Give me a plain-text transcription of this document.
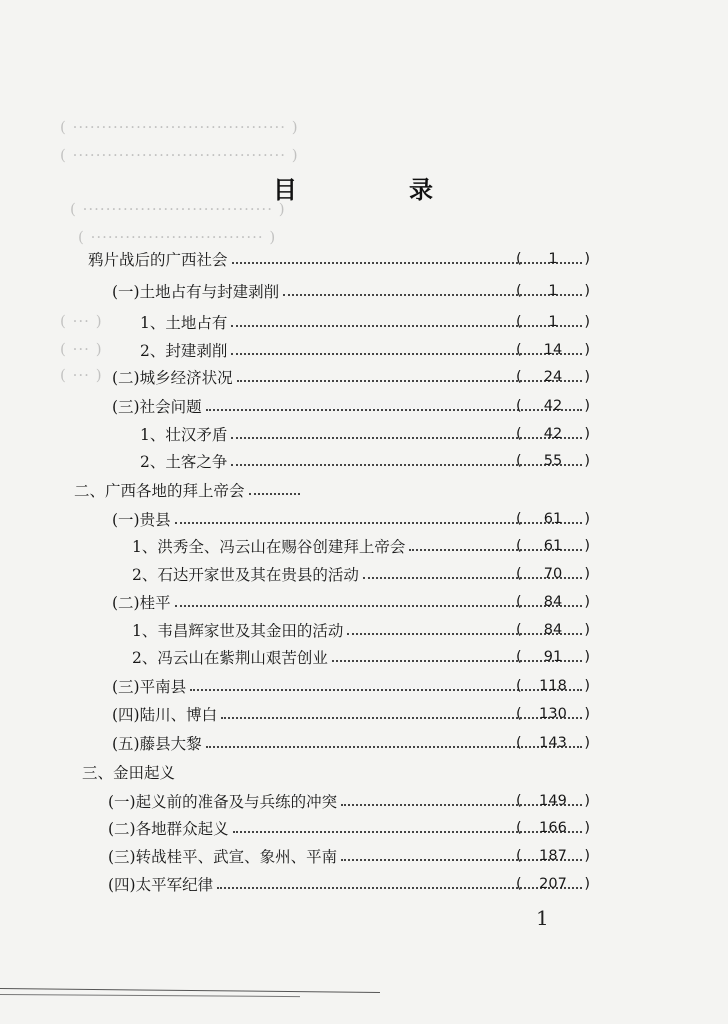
( ····································· )
( ····································· )
( ································· )
( ······························ )
( ··· )
( ··· )
( ··· )
目　录
鸦片战后的广西社会	(	1	)
(一)土地占有与封建剥削	(	1	)
1、土地占有	(	1	)
2、封建剥削	(	14	)
(二)城乡经济状况	(	24	)
(三)社会问题	(	42	)
1、壮汉矛盾	(	42	)
2、土客之争	(	55	)
二、广西各地的拜上帝会
(一)贵县	(	61	)
1、洪秀全、冯云山在赐谷创建拜上帝会	(	61	)
2、石达开家世及其在贵县的活动	(	70	)
(二)桂平	(	84	)
1、韦昌辉家世及其金田的活动	(	84	)
2、冯云山在紫荆山艰苦创业	(	91	)
(三)平南县	(	118	)
(四)陆川、博白	(	130	)
(五)藤县大黎	(	143	)
三、金田起义
(一)起义前的准备及与兵练的冲突	(	149	)
(二)各地群众起义	(	166	)
(三)转战桂平、武宣、象州、平南	(	187	)
(四)太平军纪律	(	207	)
1
